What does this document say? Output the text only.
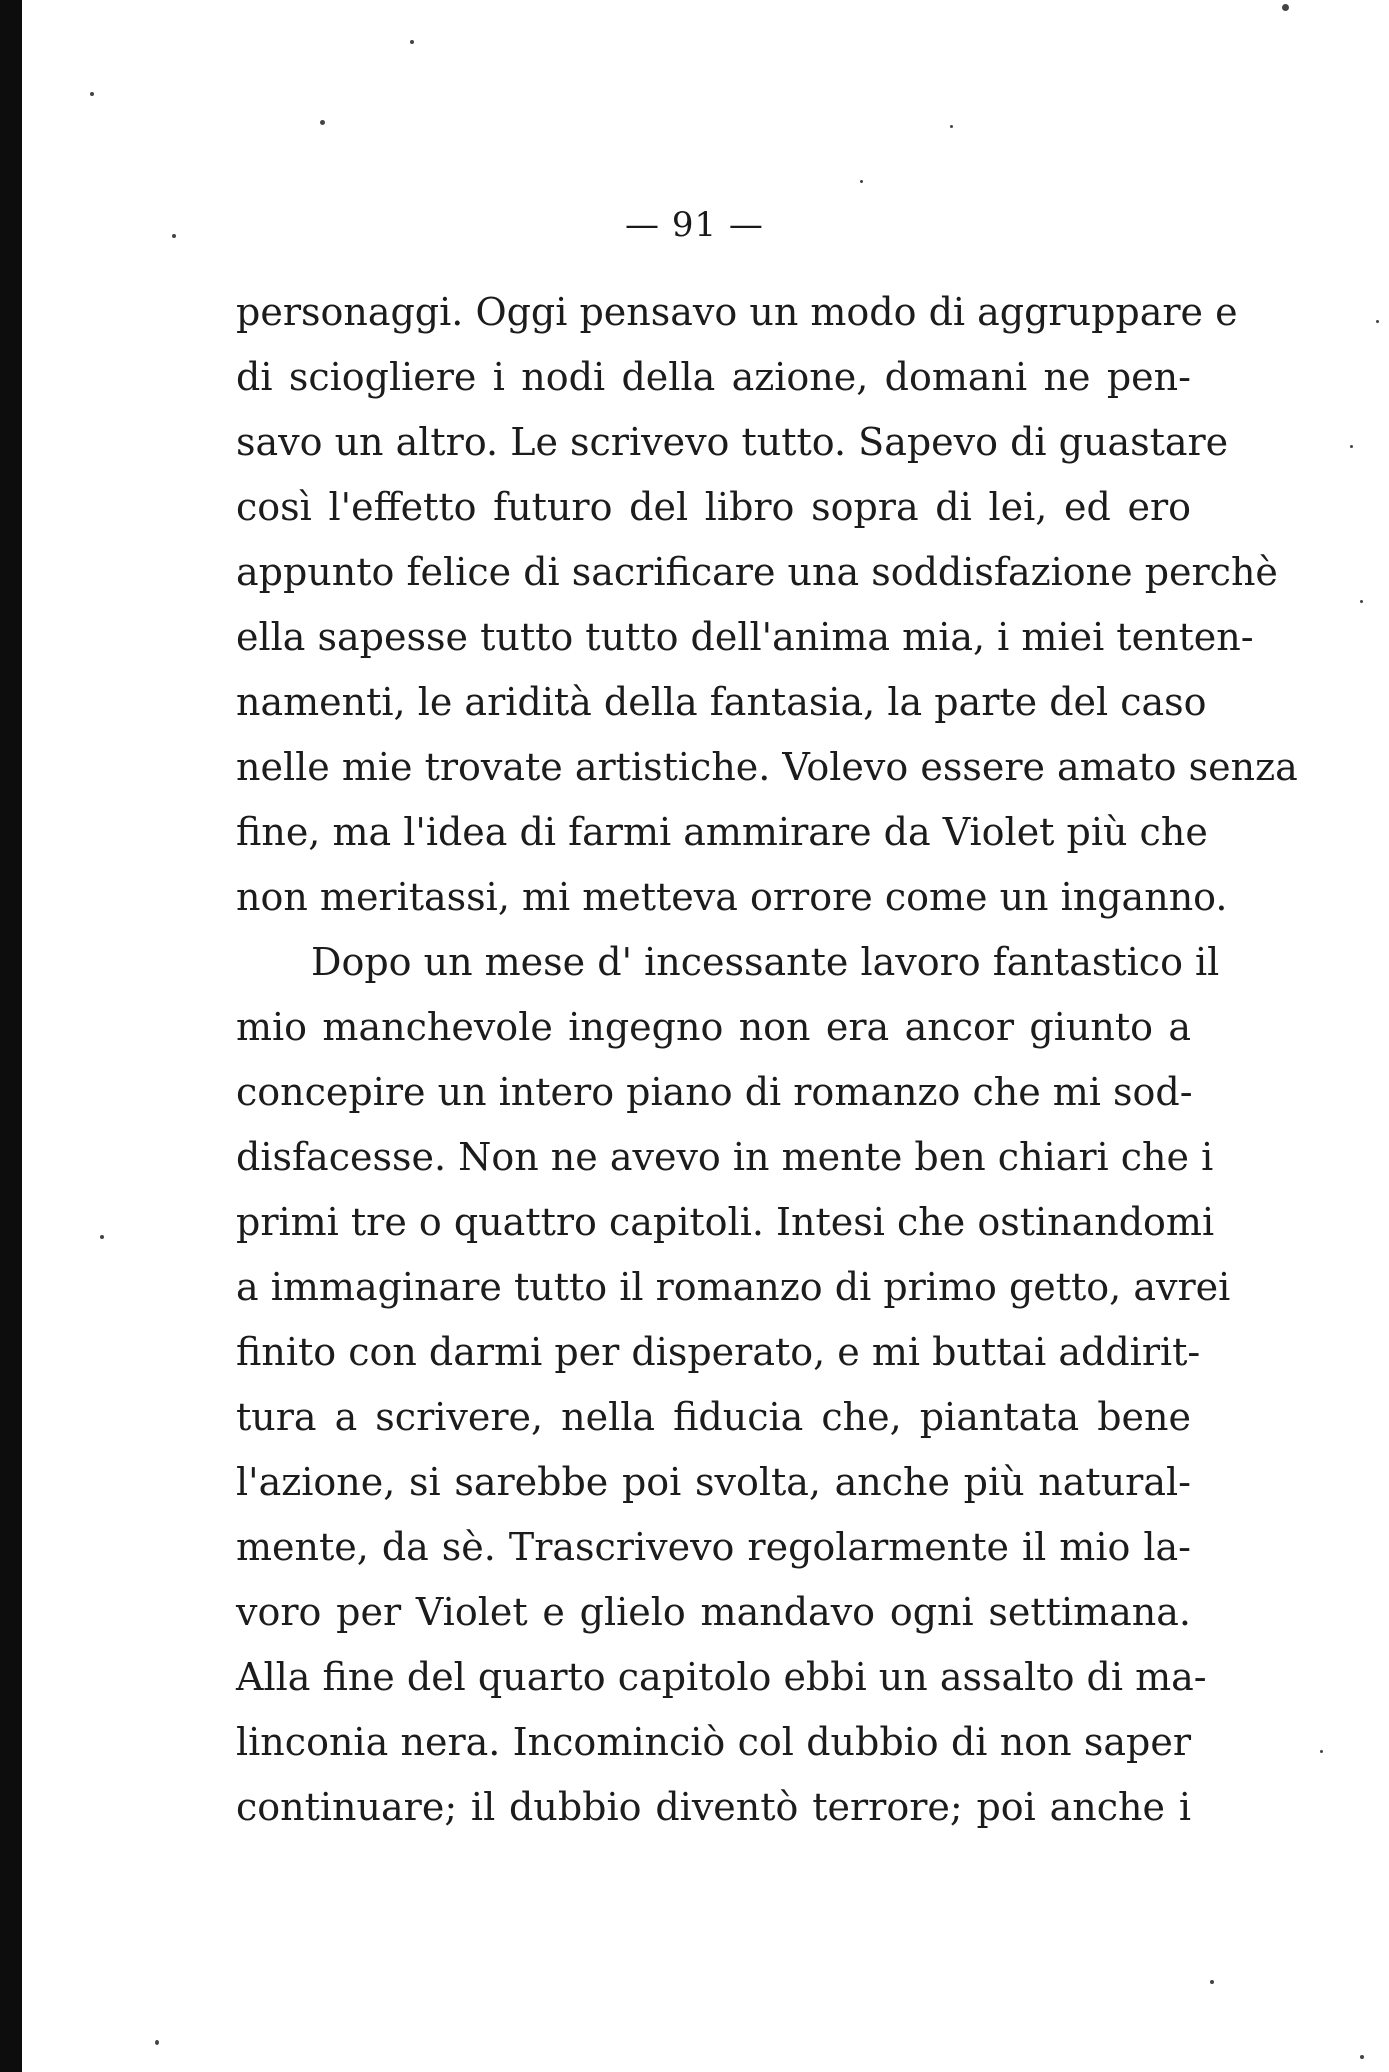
— 91 —
personaggi. Oggi pensavo un modo di aggruppare e
di sciogliere i nodi della azione, domani ne pen-
savo un altro. Le scrivevo tutto. Sapevo di guastare
così l'effetto futuro del libro sopra di lei, ed ero
appunto felice di sacrificare una soddisfazione perchè
ella sapesse tutto tutto dell'anima mia, i miei tenten-
namenti, le aridità della fantasia, la parte del caso
nelle mie trovate artistiche. Volevo essere amato senza
fine, ma l'idea di farmi ammirare da Violet più che
non meritassi, mi metteva orrore come un inganno.
Dopo un mese d' incessante lavoro fantastico il
mio manchevole ingegno non era ancor giunto a
concepire un intero piano di romanzo che mi sod-
disfacesse. Non ne avevo in mente ben chiari che i
primi tre o quattro capitoli. Intesi che ostinandomi
a immaginare tutto il romanzo di primo getto, avrei
finito con darmi per disperato, e mi buttai addirit-
tura a scrivere, nella fiducia che, piantata bene
l'azione, si sarebbe poi svolta, anche più natural-
mente, da sè. Trascrivevo regolarmente il mio la-
voro per Violet e glielo mandavo ogni settimana.
Alla fine del quarto capitolo ebbi un assalto di ma-
linconia nera. Incominciò col dubbio di non saper
continuare; il dubbio diventò terrore; poi anche i
